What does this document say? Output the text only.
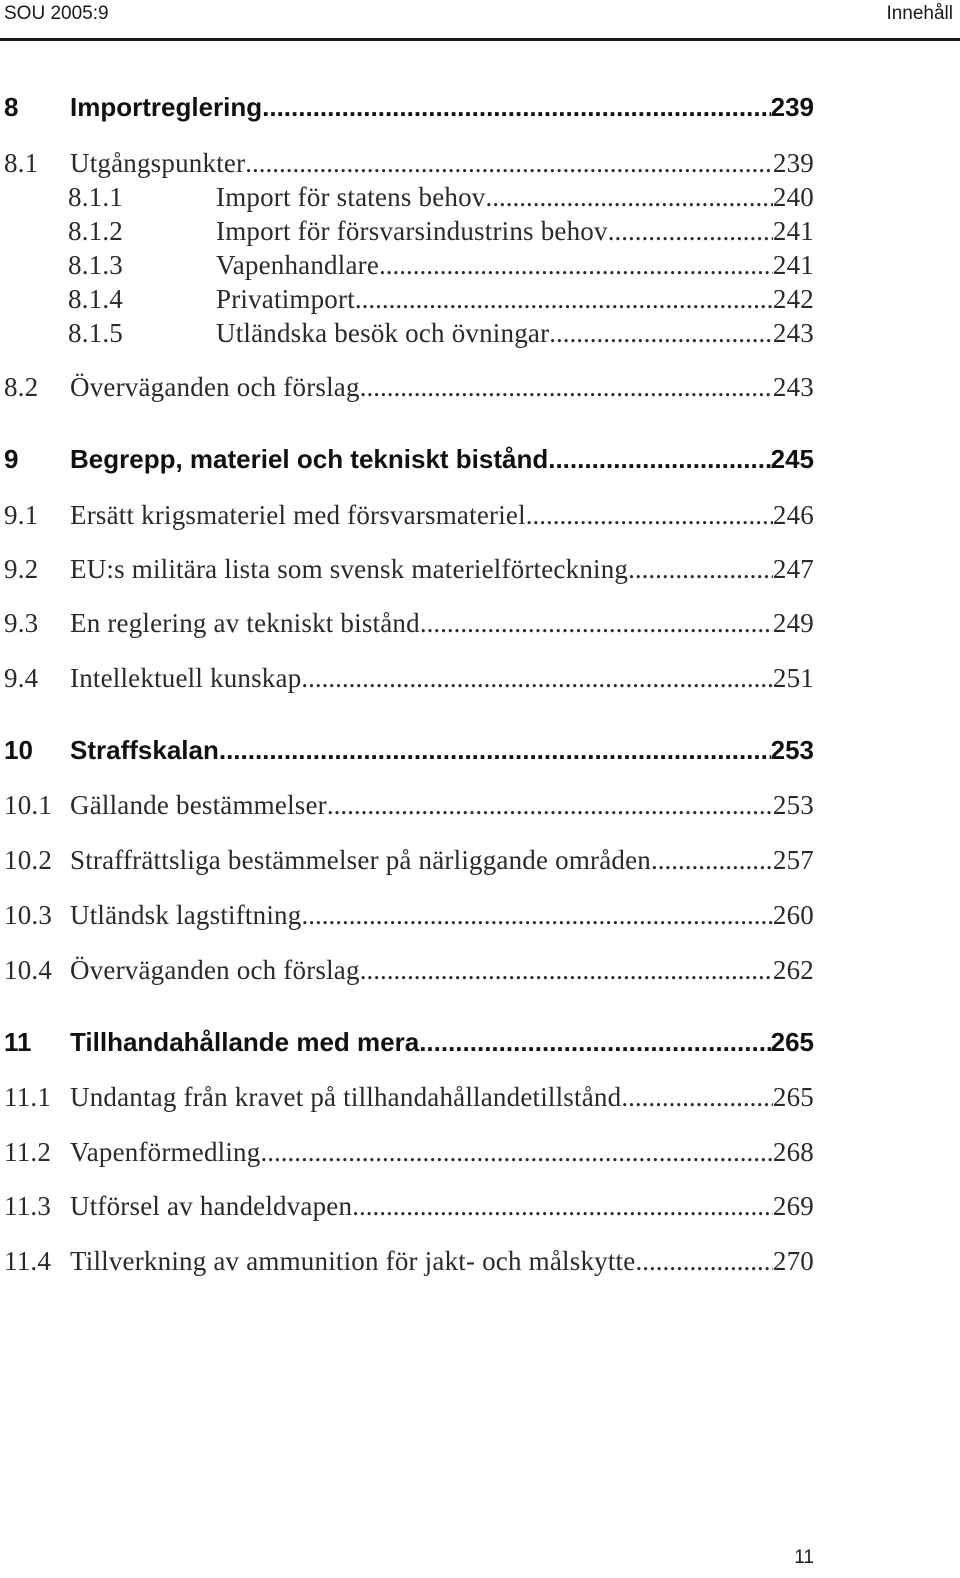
SOU 2005:9	Innehåll
8	Importreglering .....	239
8.1	Utgångspunkter .....	239
8.1.1	Import för statens behov .....	240
8.1.2	Import för försvarsindustrins behov .....	241
8.1.3	Vapenhandlare .....	241
8.1.4	Privatimport .....	242
8.1.5	Utländska besök och övningar .....	243
8.2	Överväganden och förslag .....	243
9	Begrepp, materiel och tekniskt bistånd .....	245
9.1	Ersätt krigsmateriel med försvarsmateriel .....	246
9.2	EU:s militära lista som svensk materielförteckning .....	247
9.3	En reglering av tekniskt bistånd .....	249
9.4	Intellektuell kunskap .....	251
10	Straffskalan .....	253
10.1 Gällande bestämmelser .....	253
10.2 Straffrättsliga bestämmelser på närliggande områden .....	257
10.3 Utländsk lagstiftning .....	260
10.4 Överväganden och förslag .....	262
11	Tillhandahållande med mera .....	265
11.1 Undantag från kravet på tillhandahållandetillstånd .....	265
11.2 Vapenförmedling .....	268
11.3 Utförsel av handeldvapen .....	269
11.4 Tillverkning av ammunition för jakt- och målskytte .....	270
11
